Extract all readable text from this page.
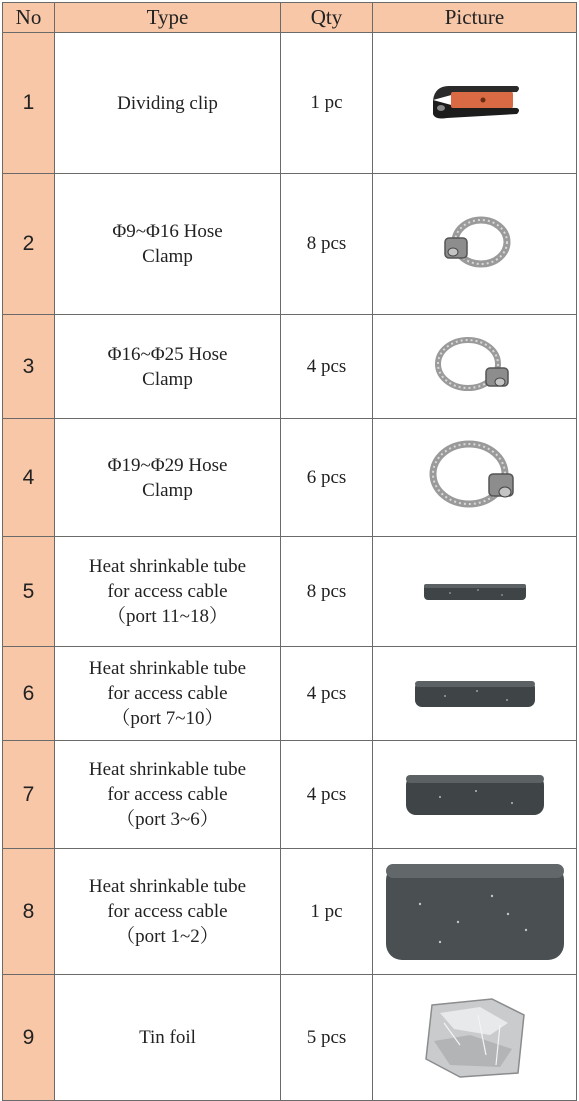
No	Type	Qty	Picture
1	Dividing clip	1 pc	

2	Φ9~Φ16 Hose
Clamp	8 pcs	

3	Φ16~Φ25 Hose
Clamp	4 pcs	

4	Φ19~Φ29 Hose
Clamp	6 pcs	

5	Heat shrinkable tube
for access cable
（port 11~18）	8 pcs	

6	Heat shrinkable tube
for access cable
（port 7~10）	4 pcs	

7	Heat shrinkable tube
for access cable
（port 3~6）	4 pcs	

8	Heat shrinkable tube
for access cable
（port 1~2）	1 pc	

9	Tin foil	5 pcs	
